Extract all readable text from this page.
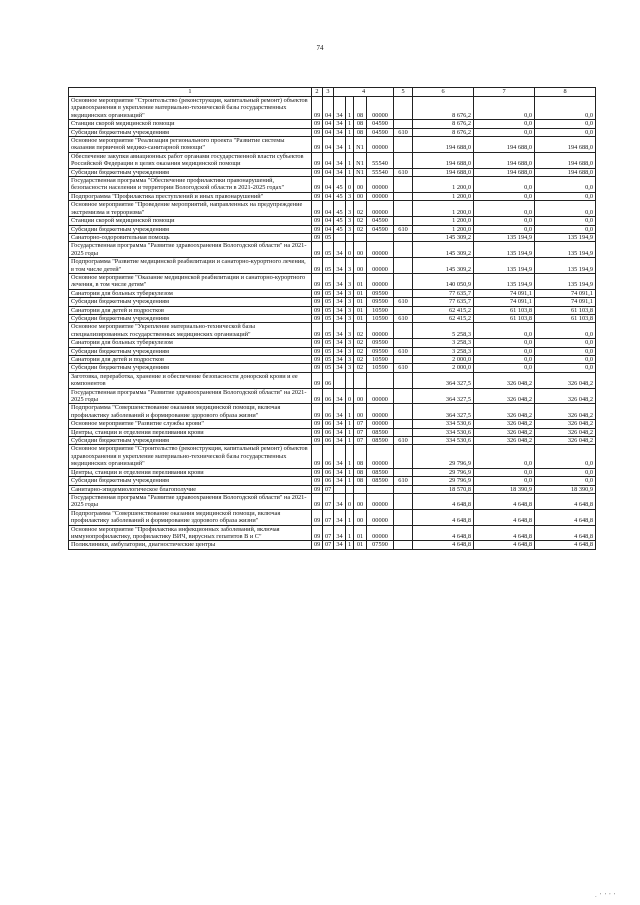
74
1	2	3	4				5	6	7	8
Основное мероприятие "Строительство (реконструкция, капитальный ремонт) объектов здравоохранения в укрепление материально-технической базы государственных медицинских организаций"	09	04	34	1	08	00000		8 676,2	0,0	0,0
Станции скорой медицинской помощи	09	04	34	1	08	04590		8 676,2	0,0	0,0
Субсидии бюджетным учреждениям	09	04	34	1	08	04590	610	8 676,2	0,0	0,0
Основное мероприятие "Реализация регионального проекта "Развитие системы оказания первичной медико-санитарной помощи"	09	04	34	1	N1	00000		194 688,0	194 688,0	194 688,0
Обеспечение закупки авиационных работ органами государственной власти субъектов Российской Федерации в целях оказания медицинской помощи	09	04	34	1	N1	55540		194 688,0	194 688,0	194 688,0
Субсидии бюджетным учреждениям	09	04	34	1	N1	55540	610	194 688,0	194 688,0	194 688,0
Государственная программа "Обеспечение профилактики правонарушений, безопасности населения и территории Вологодской области в 2021-2025 годах"	09	04	45	0	00	00000		1 200,0	0,0	0,0
Подпрограмма "Профилактика преступлений и иных правонарушений"	09	04	45	3	00	00000		1 200,0	0,0	0,0
Основное мероприятие "Проведение мероприятий, направленных на предупреждение экстремизма и терроризма"	09	04	45	3	02	00000		1 200,0	0,0	0,0
Станции скорой медицинской помощи	09	04	45	3	02	04590		1 200,0	0,0	0,0
Субсидии бюджетным учреждениям	09	04	45	3	02	04590	610	1 200,0	0,0	0,0
Санаторно-оздоровительная помощь	09	05						145 309,2	135 194,9	135 194,9
Государственная программа "Развитие здравоохранения Вологодской области" на 2021-2025 годы	09	05	34	0	00	00000		145 309,2	135 194,9	135 194,9
Подпрограмма "Развитие медицинской реабилитации и санаторно-курортного лечения, в том числе детей"	09	05	34	3	00	00000		145 309,2	135 194,9	135 194,9
Основное мероприятие "Оказание медицинской реабилитации и санаторно-курортного лечения, в том числе детям"	09	05	34	3	01	00000		140 050,9	135 194,9	135 194,9
Санатории для больных туберкулезом	09	05	34	3	01	09590		77 635,7	74 091,1	74 091,1
Субсидии бюджетным учреждениям	09	05	34	3	01	09590	610	77 635,7	74 091,1	74 091,1
Санатории для детей и подростков	09	05	34	3	01	10590		62 415,2	61 103,8	61 103,8
Субсидии бюджетным учреждениям	09	05	34	3	01	10590	610	62 415,2	61 103,8	61 103,8
Основное мероприятие "Укрепление материально-технической базы специализированных государственных медицинских организаций"	09	05	34	3	02	00000		5 258,3	0,0	0,0
Санатории для больных туберкулезом	09	05	34	3	02	09590		3 258,3	0,0	0,0
Субсидии бюджетным учреждениям	09	05	34	3	02	09590	610	3 258,3	0,0	0,0
Санатории для детей и подростков	09	05	34	3	02	10590		2 000,0	0,0	0,0
Субсидии бюджетным учреждениям	09	05	34	3	02	10590	610	2 000,0	0,0	0,0
Заготовка, переработка, хранение и обеспечение безопасности донорской крови и ее компонентов	09	06						364 327,5	326 048,2	326 048,2
Государственная программа "Развитие здравоохранения Вологодской области" на 2021-2025 годы	09	06	34	0	00	00000		364 327,5	326 048,2	326 048,2
Подпрограмма "Совершенствование оказания медицинской помощи, включая профилактику заболеваний и формирование здорового образа жизни"	09	06	34	1	00	00000		364 327,5	326 048,2	326 048,2
Основное мероприятие "Развитие службы крови"	09	06	34	1	07	00000		334 530,6	326 048,2	326 048,2
Центры, станции и отделения переливания крови	09	06	34	1	07	08590		334 530,6	326 048,2	326 048,2
Субсидии бюджетным учреждениям	09	06	34	1	07	08590	610	334 530,6	326 048,2	326 048,2
Основное мероприятие "Строительство (реконструкция, капитальный ремонт) объектов здравоохранения в укрепление материально-технической базы государственных медицинских организаций"	09	06	34	1	08	00000		29 796,9	0,0	0,0
Центры, станции и отделения переливания крови	09	06	34	1	08	08590		29 796,9	0,0	0,0
Субсидии бюджетным учреждениям	09	06	34	1	08	08590	610	29 796,9	0,0	0,0
Санитарно-эпидемиологическое благополучие	09	07						18 570,8	18 390,9	18 390,9
Государственная программа "Развитие здравоохранения Вологодской области" на 2021-2025 годы	09	07	34	0	00	00000		4 648,8	4 648,8	4 648,8
Подпрограмма "Совершенствование оказания медицинской помощи, включая профилактику заболеваний и формирование здорового образа жизни"	09	07	34	1	00	00000		4 648,8	4 648,8	4 648,8
Основное мероприятие "Профилактика инфекционных заболеваний, включая иммунопрофилактику, профилактику ВИЧ, вирусных гепатитов В и С"	09	07	34	1	01	00000		4 648,8	4 648,8	4 648,8
Поликлиники, амбулатории, диагностические центры	09	07	34	1	01	07590		4 648,8	4 648,8	4 648,8
. ' ' ' '
